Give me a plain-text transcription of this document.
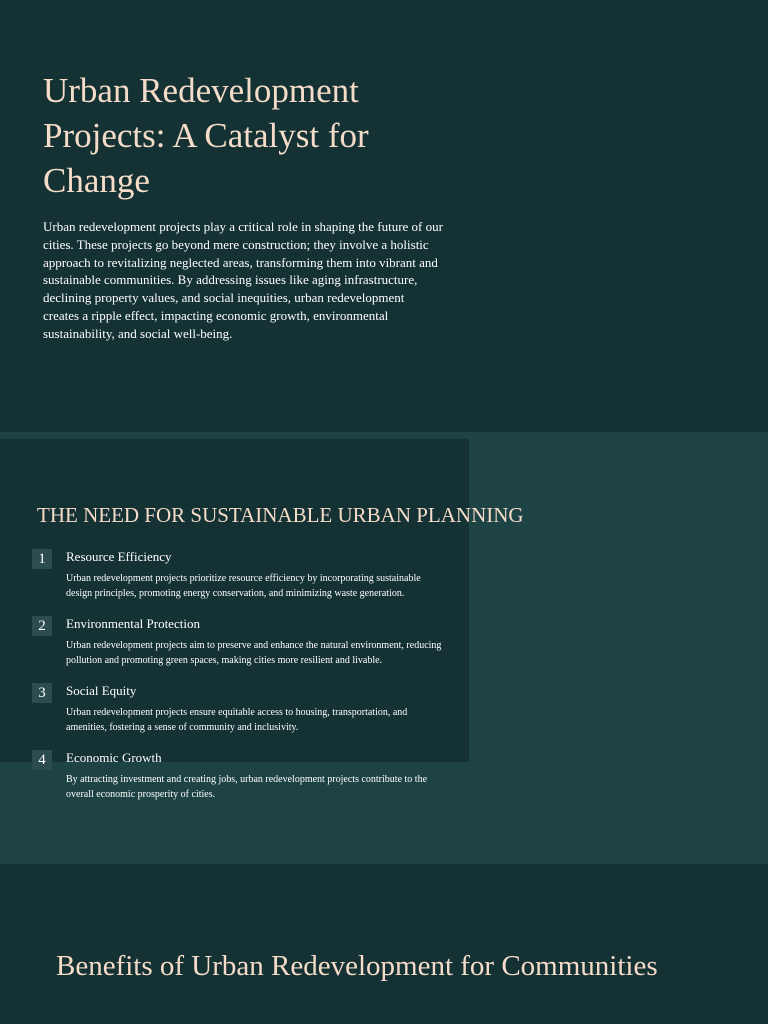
Urban Redevelopment Projects: A Catalyst for Change

Urban redevelopment projects play a critical role in shaping the future of our cities. These projects go beyond mere construction; they involve a holistic approach to revitalizing neglected areas, transforming them into vibrant and sustainable communities. By addressing issues like aging infrastructure, declining property values, and social inequities, urban redevelopment creates a ripple effect, impacting economic growth, environmental sustainability, and social well-being.

THE NEED FOR SUSTAINABLE URBAN PLANNING
1	Resource Efficiency

Urban redevelopment projects prioritize resource efficiency by incorporating sustainable design principles, promoting energy conservation, and minimizing waste generation.

2	Environmental Protection

Urban redevelopment projects aim to preserve and enhance the natural environment, reducing pollution and promoting green spaces, making cities more resilient and livable.

3	Social Equity

Urban redevelopment projects ensure equitable access to housing, transportation, and amenities, fostering a sense of community and inclusivity.

4	Economic Growth

By attracting investment and creating jobs, urban redevelopment projects contribute to the overall economic prosperity of cities.

Benefits of Urban Redevelopment for Communities
